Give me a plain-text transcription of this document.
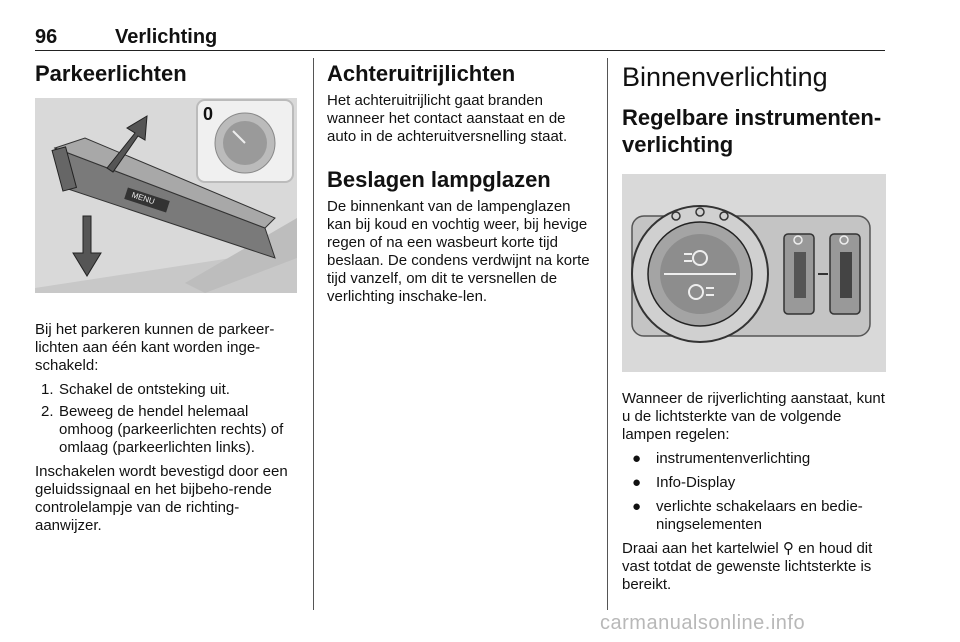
96	Verlichting
Parkeerlichten
MENU
0

Bij het parkeren kunnen de parkeer-lichten aan één kant worden inge-schakeld:

1. Schakel de ontsteking uit.
2. Beweeg de hendel helemaal omhoog (parkeerlichten rechts) of omlaag (parkeerlichten links).

Inschakelen wordt bevestigd door een geluidssignaal en het bijbeho-rende controlelampje van de richting-aanwijzer.

Achteruitrijlichten

Het achteruitrijlicht gaat branden wanneer het contact aanstaat en de auto in de achteruitversnelling staat.

Beslagen lampglazen

De binnenkant van de lampenglazen kan bij koud en vochtig weer, bij hevige regen of na een wasbeurt korte tijd beslaan. De condens verdwijnt na korte tijd vanzelf, om dit te versnellen de verlichting inschake-len.

Binnenverlichting
Regelbare instrumenten-verlichting

Wanneer de rijverlichting aanstaat, kunt u de lichtsterkte van de volgende lampen regelen:

● instrumentenverlichting
● Info-Display
● verlichte schakelaars en bedie-ningselementen

Draai aan het kartelwiel ⚲ en houd dit vast totdat de gewenste lichtsterkte is bereikt.

carmanualsonline.info
